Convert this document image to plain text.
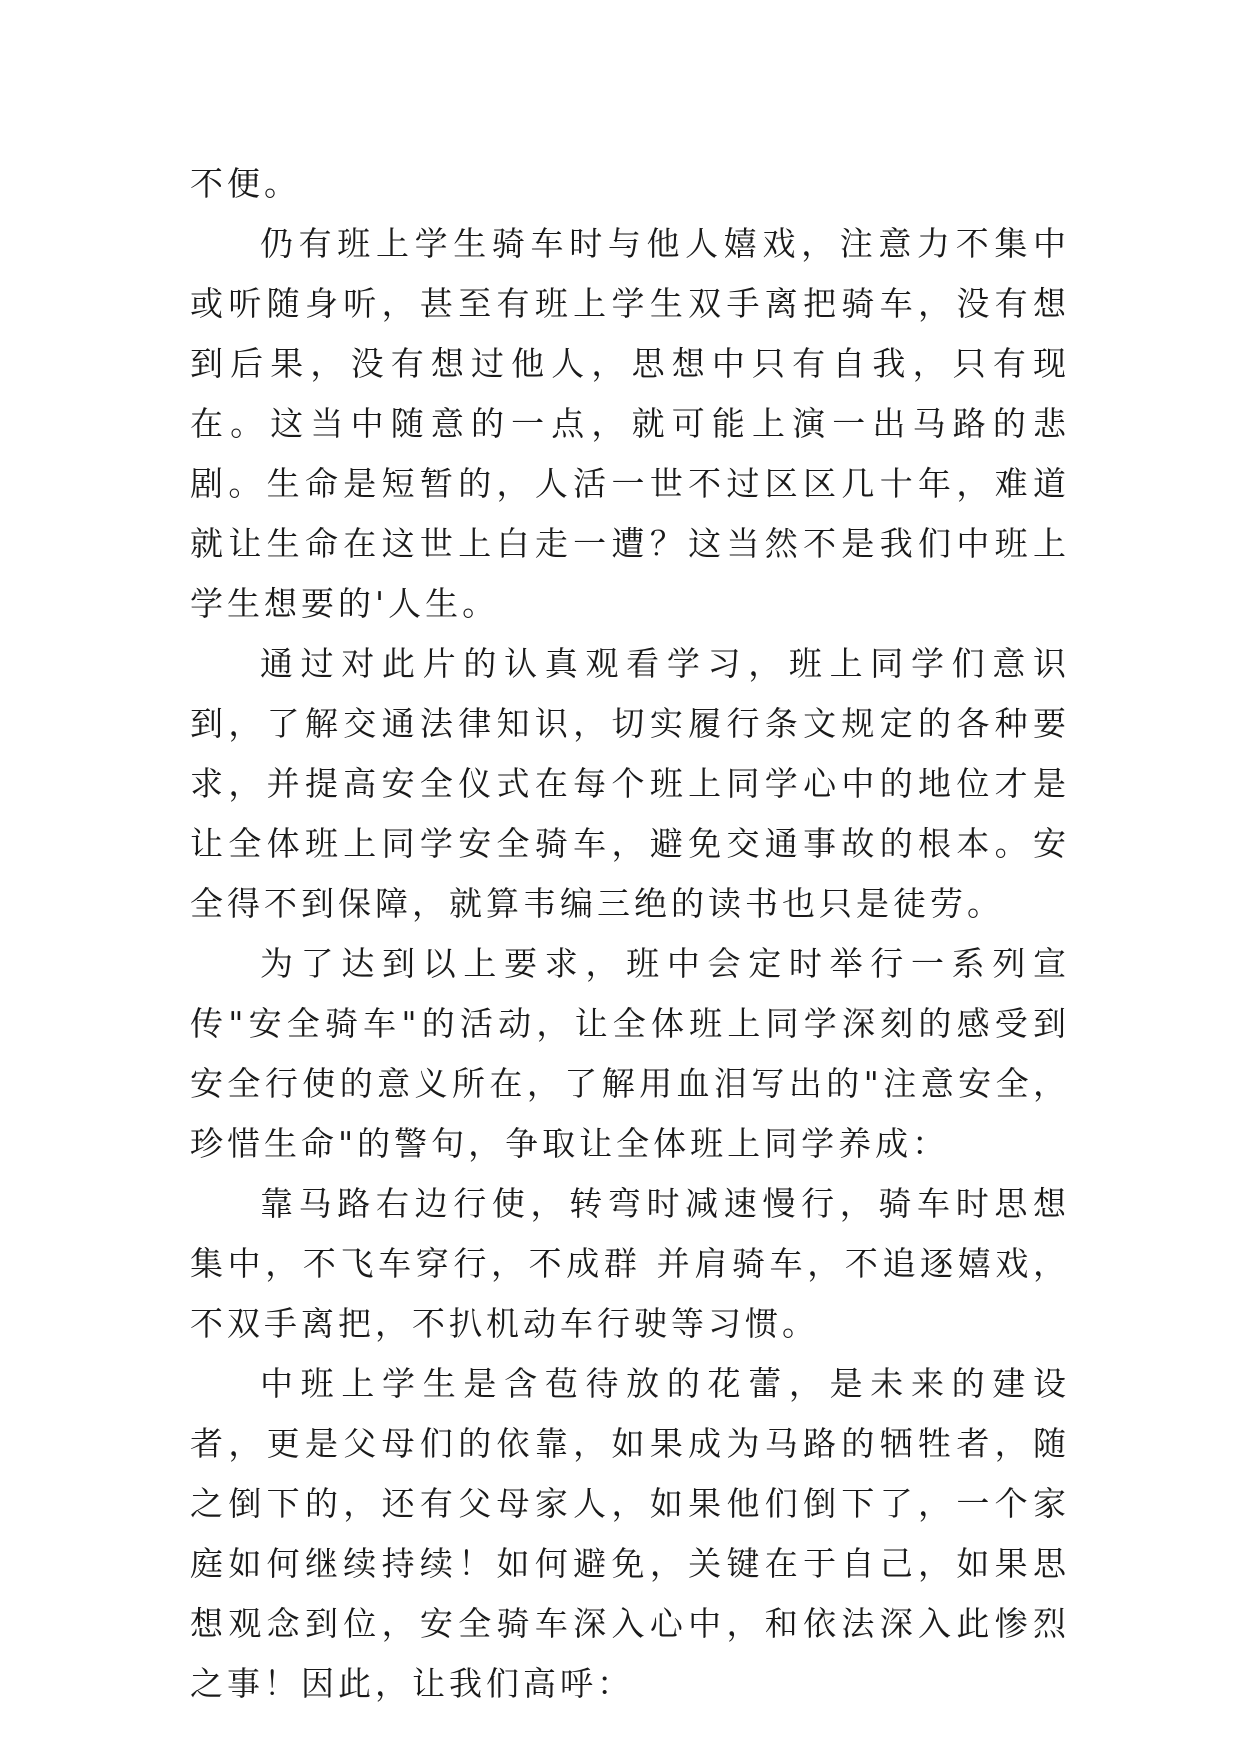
不便。

仍有班上学生骑车时与他人嬉戏，注意力不集中或听随身听，甚至有班上学生双手离把骑车，没有想到后果，没有想过他人，思想中只有自我，只有现在。这当中随意的一点，就可能上演一出马路的悲剧。生命是短暂的，人活一世不过区区几十年，难道就让生命在这世上白走一遭？这当然不是我们中班上学生想要的'人生。

通过对此片的认真观看学习，班上同学们意识到，了解交通法律知识，切实履行条文规定的各种要求，并提高安全仪式在每个班上同学心中的地位才是让全体班上同学安全骑车，避免交通事故的根本。安全得不到保障，就算韦编三绝的读书也只是徒劳。

为了达到以上要求，班中会定时举行一系列宣传"安全骑车"的活动，让全体班上同学深刻的感受到安全行使的意义所在，了解用血泪写出的"注意安全，珍惜生命"的警句，争取让全体班上同学养成：

靠马路右边行使，转弯时减速慢行，骑车时思想集中，不飞车穿行，不成群 并肩骑车，不追逐嬉戏，不双手离把，不扒机动车行驶等习惯。

中班上学生是含苞待放的花蕾，是未来的建设者，更是父母们的依靠，如果成为马路的牺牲者，随之倒下的，还有父母家人，如果他们倒下了，一个家庭如何继续持续！如何避免，关键在于自己，如果思想观念到位，安全骑车深入心中，和依法深入此惨烈之事！因此，让我们高呼：
